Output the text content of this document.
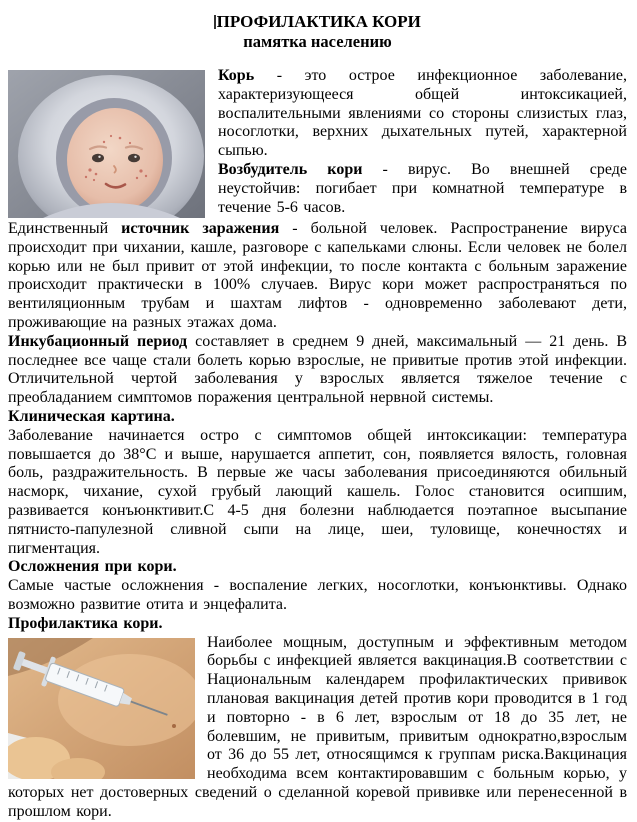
ПРОФИЛАКТИКА КОРИ
памятка населению

Корь - это острое инфекционное заболевание, характеризующееся общей интоксикацией, воспалительными явлениями со стороны слизистых глаз, носоглотки, верхних дыхательных путей, характерной сыпью.

Возбудитель кори - вирус. Во внешней среде неустойчив: погибает при комнатной температуре в течение 5-6 часов.

Единственный источник заражения - больной человек. Распространение вируса происходит при чихании, кашле, разговоре с капельками слюны. Если человек не болел корью или не был привит от этой инфекции, то после контакта с больным заражение происходит практически в 100% случаев. Вирус кори может распространяться по вентиляционным трубам и шахтам лифтов - одновременно заболевают дети, проживающие на разных этажах дома.

Инкубационный период составляет в среднем 9 дней, максимальный — 21 день. В последнее все чаще стали болеть корью взрослые, не привитые против этой инфекции. Отличительной чертой заболевания у взрослых является тяжелое течение с преобладанием симптомов поражения центральной нервной системы.

Клиническая картина.

Заболевание начинается остро с симптомов общей интоксикации: температура повышается до 38°С и выше, нарушается аппетит, сон, появляется вялость, головная боль, раздражительность. В первые же часы заболевания присоединяются обильный насморк, чихание, сухой грубый лающий кашель. Голос становится осипшим, развивается конъюнктивит.С 4-5 дня болезни наблюдается поэтапное высыпание пятнисто-папулезной сливной сыпи на лице, шеи, туловище, конечностях и пигментация.

Осложнения при кори.

Самые частые осложнения - воспаление легких, носоглотки, конъюнктивы. Однако возможно развитие отита и энцефалита.

Профилактика кори.

Наиболее мощным, доступным и эффективным методом борьбы с инфекцией является вакцинация.В соответствии с Национальным календарем профилактических прививок плановая вакцинация детей против кори проводится в 1 год и повторно - в 6 лет, взрослым от 18 до 35 лет, не болевшим, не привитым, привитым однократно,взрослым от 36 до 55 лет, относящимся к группам риска.Вакцинация необходима всем контактировавшим с больным корью, у которых нет достоверных сведений о сделанной коревой прививке или перенесенной в прошлом кори.
